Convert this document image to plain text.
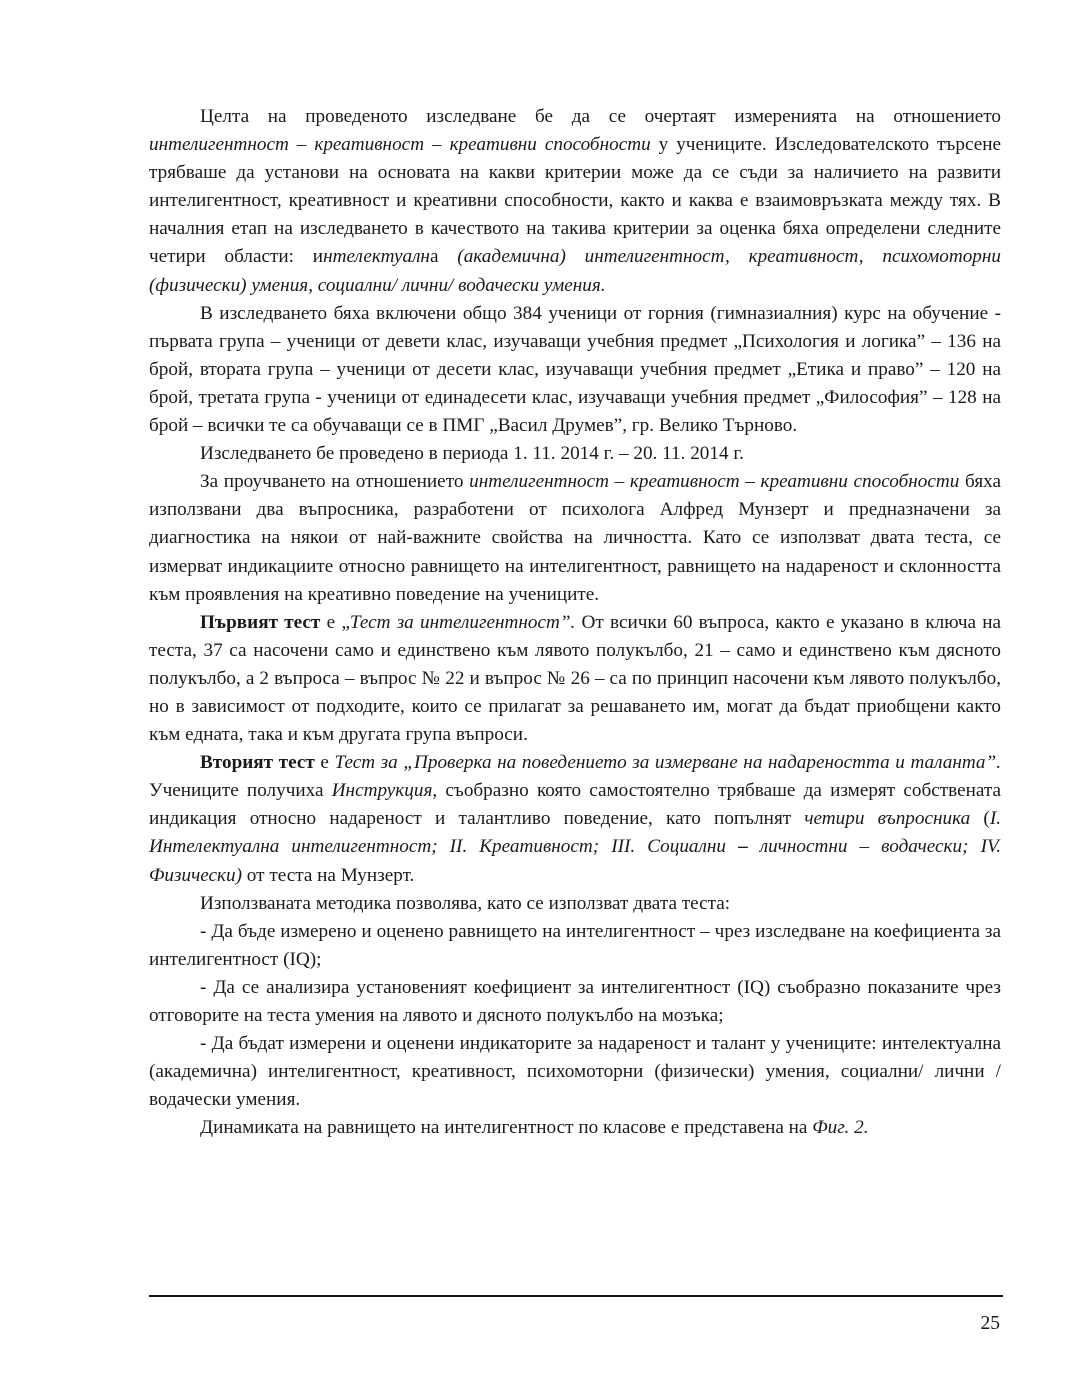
Целта на проведеното изследване бе да се очертаят измеренията на отношението интелигентност – креативност – креативни способности у учениците. Изследователското търсене трябваше да установи на основата на какви критерии може да се съди за наличието на развити интелигентност, креативност и креативни способности, както и каква е взаимовръзката между тях. В началния етап на изследването в качеството на такива критерии за оценка бяха определени следните четири области: интелектуална (академична) интелигентност, креативност, психомоторни (физически) умения, социални/ лични/ водачески умения.

В изследването бяха включени общо 384 ученици от горния (гимназиалния) курс на обучение - първата група – ученици от девети клас, изучаващи учебния предмет „Психология и логика” – 136 на брой, втората група – ученици от десети клас, изучаващи учебния предмет „Етика и право” – 120 на брой, третата група - ученици от единадесети клас, изучаващи учебния предмет „Философия” – 128 на брой – всички те са обучаващи се в ПМГ „Васил Друмев”, гр. Велико Търново.

Изследването бе проведено в периода 1. 11. 2014 г. – 20. 11. 2014 г.

За проучването на отношението интелигентност – креативност – креативни способности бяха използвани два въпросника, разработени от психолога Алфред Мунзерт и предназначени за диагностика на някои от най-важните свойства на личността. Като се използват двата теста, се измерват индикациите относно равнището на интелигентност, равнището на надареност и склонността към проявления на креативно поведение на учениците.

Първият тест е „Тест за интелигентност”. От всички 60 въпроса, както е указано в ключа на теста, 37 са насочени само и единствено към лявото полукълбо, 21 – само и единствено към дясното полукълбо, а 2 въпроса – въпрос № 22 и въпрос № 26 – са по принцип насочени към лявото полукълбо, но в зависимост от подходите, които се прилагат за решаването им, могат да бъдат приобщени както към едната, така и към другата група въпроси.

Вторият тест е Тест за „Проверка на поведението за измерване на надареността и таланта”. Учениците получиха Инструкция, съобразно която самостоятелно трябваше да измерят собствената индикация относно надареност и талантливо поведение, като попълнят четири въпросника (I. Интелектуална интелигентност; II. Креативност; III. Социални – личностни – водачески; IV. Физически) от теста на Мунзерт.

Използваната методика позволява, като се използват двата теста:

- Да бъде измерено и оценено равнището на интелигентност – чрез изследване на коефициента за интелигентност (IQ);

- Да се анализира установеният коефициент за интелигентност (IQ) съобразно показаните чрез отговорите на теста умения на лявото и дясното полукълбо на мозъка;

- Да бъдат измерени и оценени индикаторите за надареност и талант у учениците: интелектуална (академична) интелигентност, креативност, психомоторни (физически) умения, социални/ лични / водачески умения.

Динамиката на равнището на интелигентност по класове е представена на Фиг. 2.

25
